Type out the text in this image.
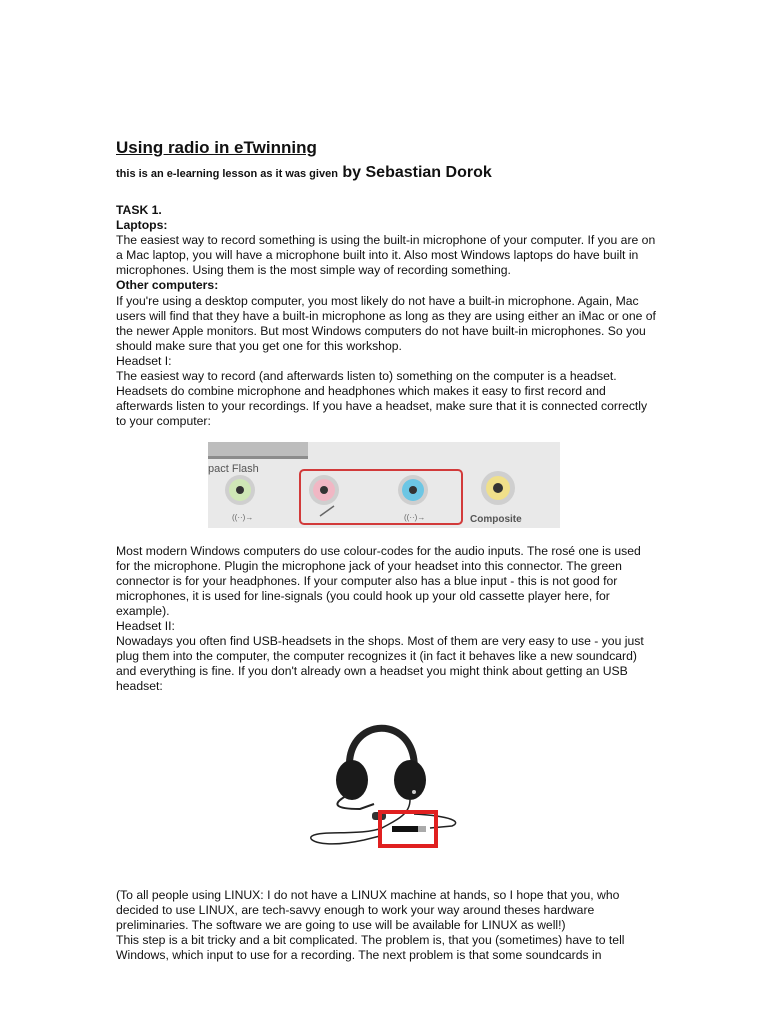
Using radio in eTwinning
this is an e-learning lesson as it was given by Sebastian Dorok

TASK 1.

Laptops:

The easiest way to record something is using the built-in microphone of your computer. If you are on a Mac laptop, you will have a microphone built into it. Also most Windows laptops do have built in microphones. Using them is the most simple way of recording something.

Other computers:

If you're using a desktop computer, you most likely do not have a built-in microphone. Again, Mac users will find that they have a built-in microphone as long as they are using either an iMac or one of the newer Apple monitors. But most Windows computers do not have built-in microphones. So you should make sure that you get one for this workshop.

Headset I:

The easiest way to record (and afterwards listen to) something on the computer is a headset. Headsets do combine microphone and headphones which makes it easy to first record and afterwards listen to your recordings. If you have a headset, make sure that it is connected correctly to your computer:

pact Flash
((··)→	((··)→	Composite

Most modern Windows computers do use colour-codes for the audio inputs. The rosé one is used for the microphone. Plugin the microphone jack of your headset into this connector. The green connector is for your headphones. If your computer also has a blue input - this is not good for microphones, it is used for line-signals (you could hook up your old cassette player here, for example).

Headset II:

Nowadays you often find USB-headsets in the shops. Most of them are very easy to use - you just plug them into the computer, the computer recognizes it (in fact it behaves like a new soundcard) and everything is fine. If you don't already own a headset you might think about getting an USB headset:

(To all people using LINUX: I do not have a LINUX machine at hands, so I hope that you, who decided to use LINUX, are tech-savvy enough to work your way around theses hardware preliminaries. The software we are going to use will be available for LINUX as well!)

This step is a bit tricky and a bit complicated. The problem is, that you (sometimes) have to tell Windows, which input to use for a recording. The next problem is that some soundcards in
